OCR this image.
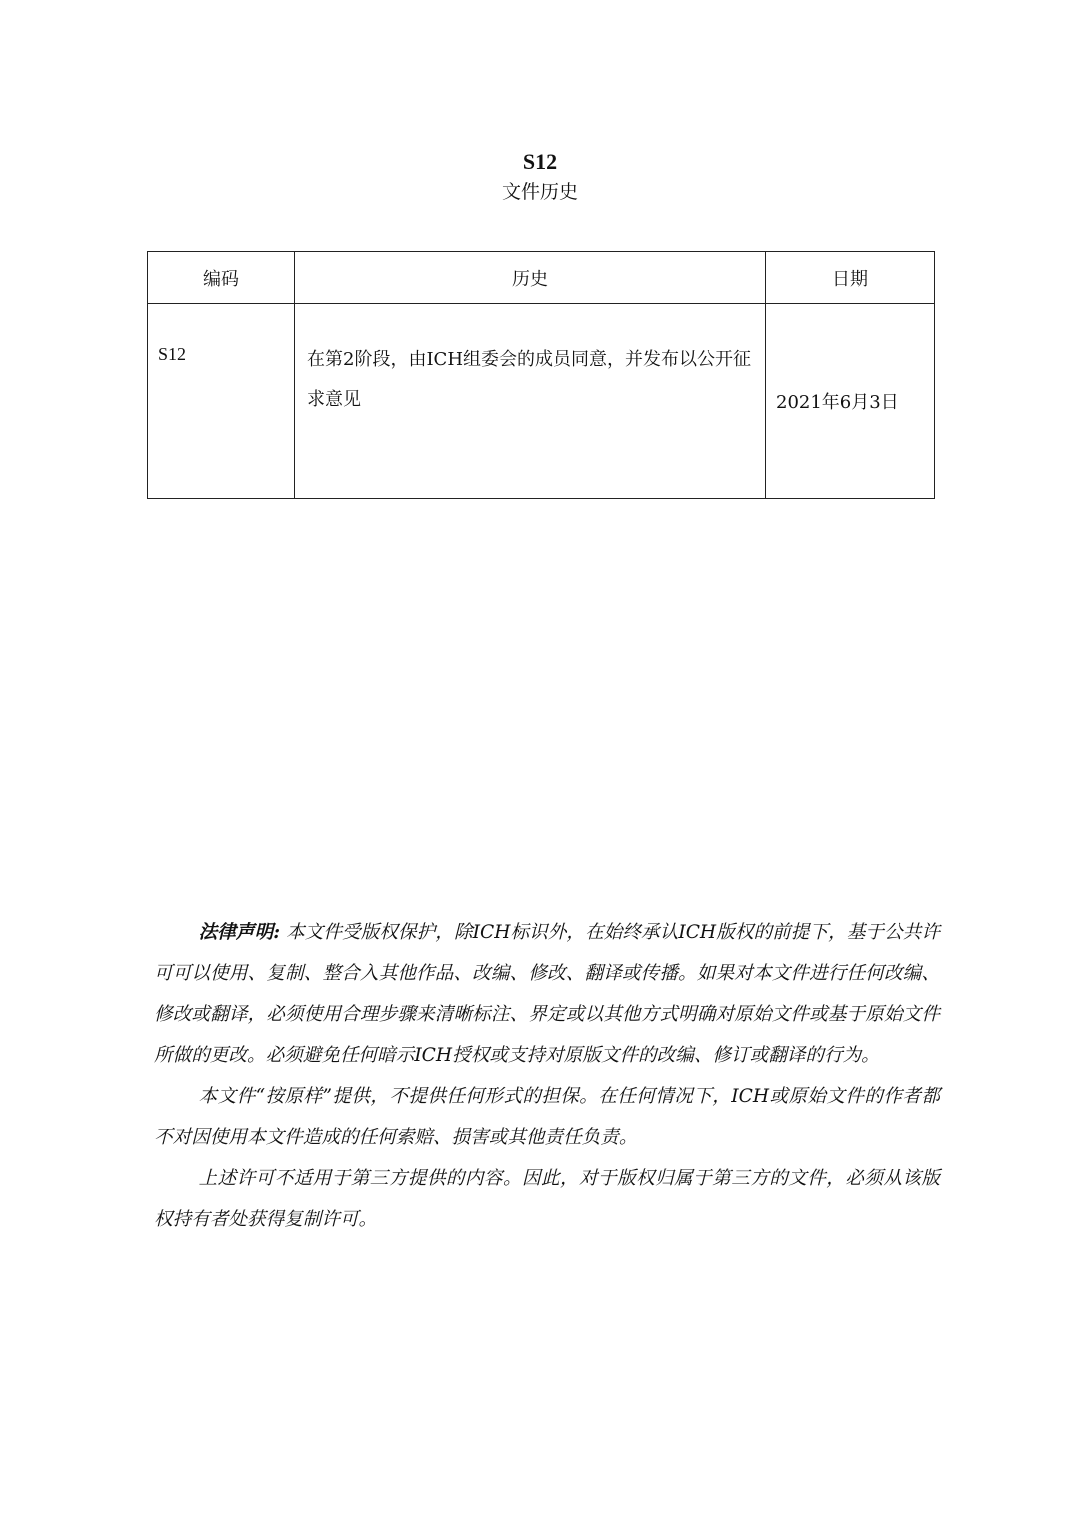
S12
文件历史
编码	历史	日期
S12	在第2阶段，由ICH组委会的成员同意，并发布以公开征求意见	2021年6月3日

法律声明: 本文件受版权保护，除ICH标识外，在始终承认ICH版权的前提下，基于公共许可可以使用、复制、整合入其他作品、改编、修改、翻译或传播。如果对本文件进行任何改编、修改或翻译，必须使用合理步骤来清晰标注、界定或以其他方式明确对原始文件或基于原始文件所做的更改。必须避免任何暗示ICH授权或支持对原版文件的改编、修订或翻译的行为。

本文件“按原样”提供，不提供任何形式的担保。在任何情况下，ICH或原始文件的作者都不对因使用本文件造成的任何索赔、损害或其他责任负责。

上述许可不适用于第三方提供的内容。因此，对于版权归属于第三方的文件，必须从该版权持有者处获得复制许可。
